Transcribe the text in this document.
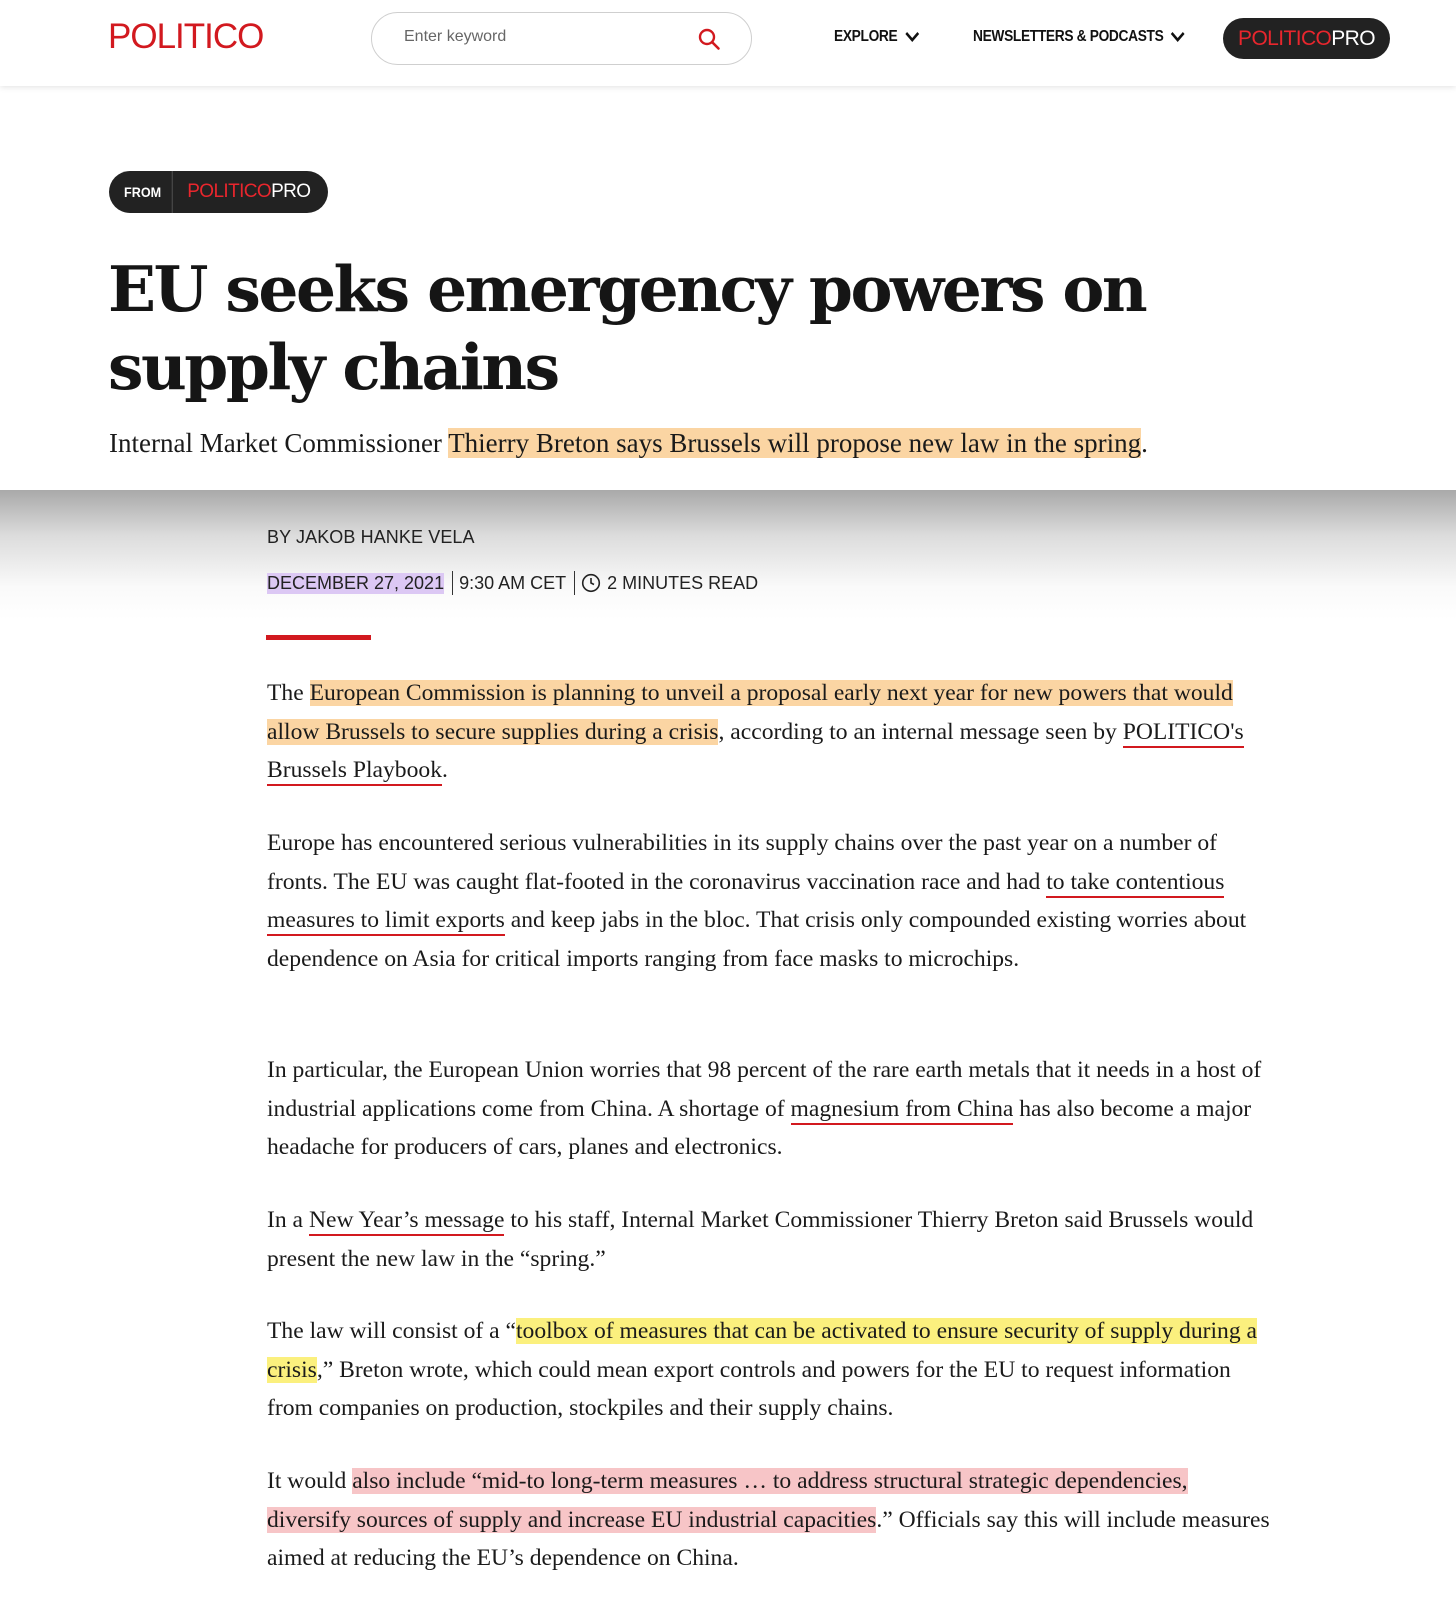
POLITICO
Enter keyword	EXPLORE	NEWSLETTERS & PODCASTS	POLITICO PRO
FROM	POLITICOPRO
EU seeks emergency powers on supply chains

Internal Market Commissioner Thierry Breton says Brussels will propose new law in the spring.

BY JAKOB HANKE VELA
DECEMBER 27, 2021 9:30 AM CET 2 MINUTES READ

The European Commission is planning to unveil a proposal early next year for new powers that would allow Brussels to secure supplies during a crisis, according to an internal message seen by POLITICO's Brussels Playbook.

Europe has encountered serious vulnerabilities in its supply chains over the past year on a number of fronts. The EU was caught flat-footed in the coronavirus vaccination race and had to take contentious measures to limit exports and keep jabs in the bloc. That crisis only compounded existing worries about dependence on Asia for critical imports ranging from face masks to microchips.

In particular, the European Union worries that 98 percent of the rare earth metals that it needs in a host of industrial applications come from China. A shortage of magnesium from China has also become a major headache for producers of cars, planes and electronics.

In a New Year’s message to his staff, Internal Market Commissioner Thierry Breton said Brussels would present the new law in the “spring.”

The law will consist of a “toolbox of measures that can be activated to ensure security of supply during a crisis,” Breton wrote, which could mean export controls and powers for the EU to request information from companies on production, stockpiles and their supply chains.

It would also include “mid-to long-term measures … to address structural strategic dependencies, diversify sources of supply and increase EU industrial capacities.” Officials say this will include measures aimed at reducing the EU’s dependence on China.
